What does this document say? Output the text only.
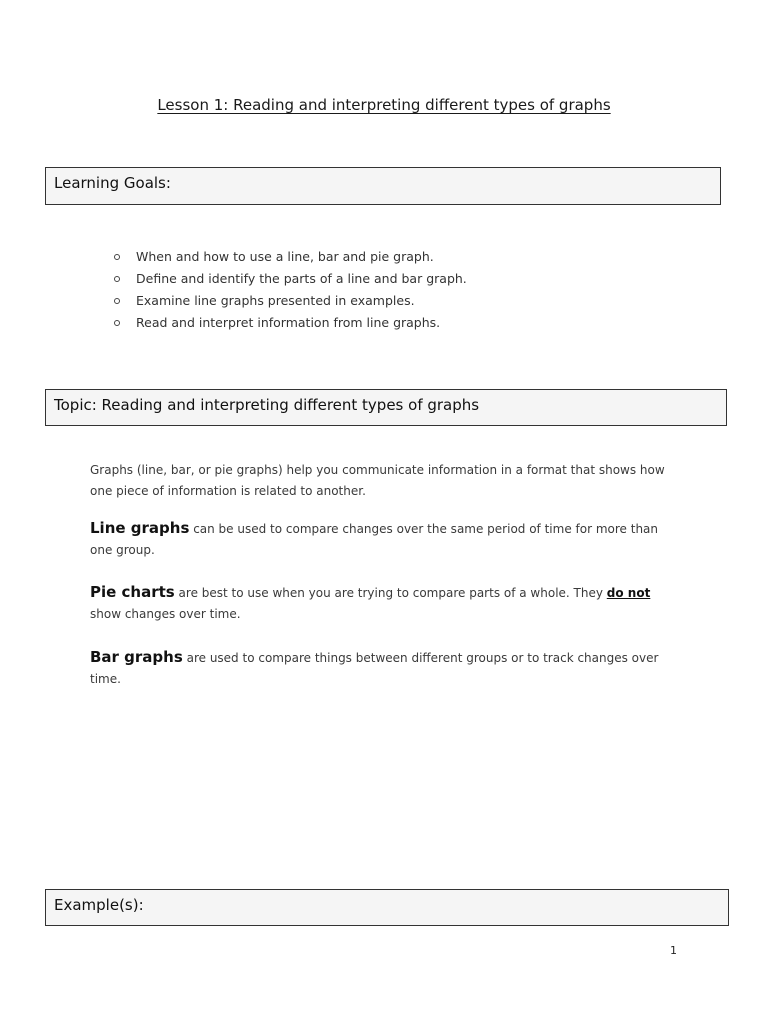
Lesson 1: Reading and interpreting different types of graphs
Learning Goals:
When and how to use a line, bar and pie graph.
Define and identify the parts of a line and bar graph.
Examine line graphs presented in examples.
Read and interpret information from line graphs.
Topic: Reading and interpreting different types of graphs
Graphs (line, bar, or pie graphs) help you communicate information in a format that shows how one piece of information is related to another.
Line graphs can be used to compare changes over the same period of time for more than one group.
Pie charts are best to use when you are trying to compare parts of a whole. They do not show changes over time.
Bar graphs are used to compare things between different groups or to track changes over time.
Example(s):
1
